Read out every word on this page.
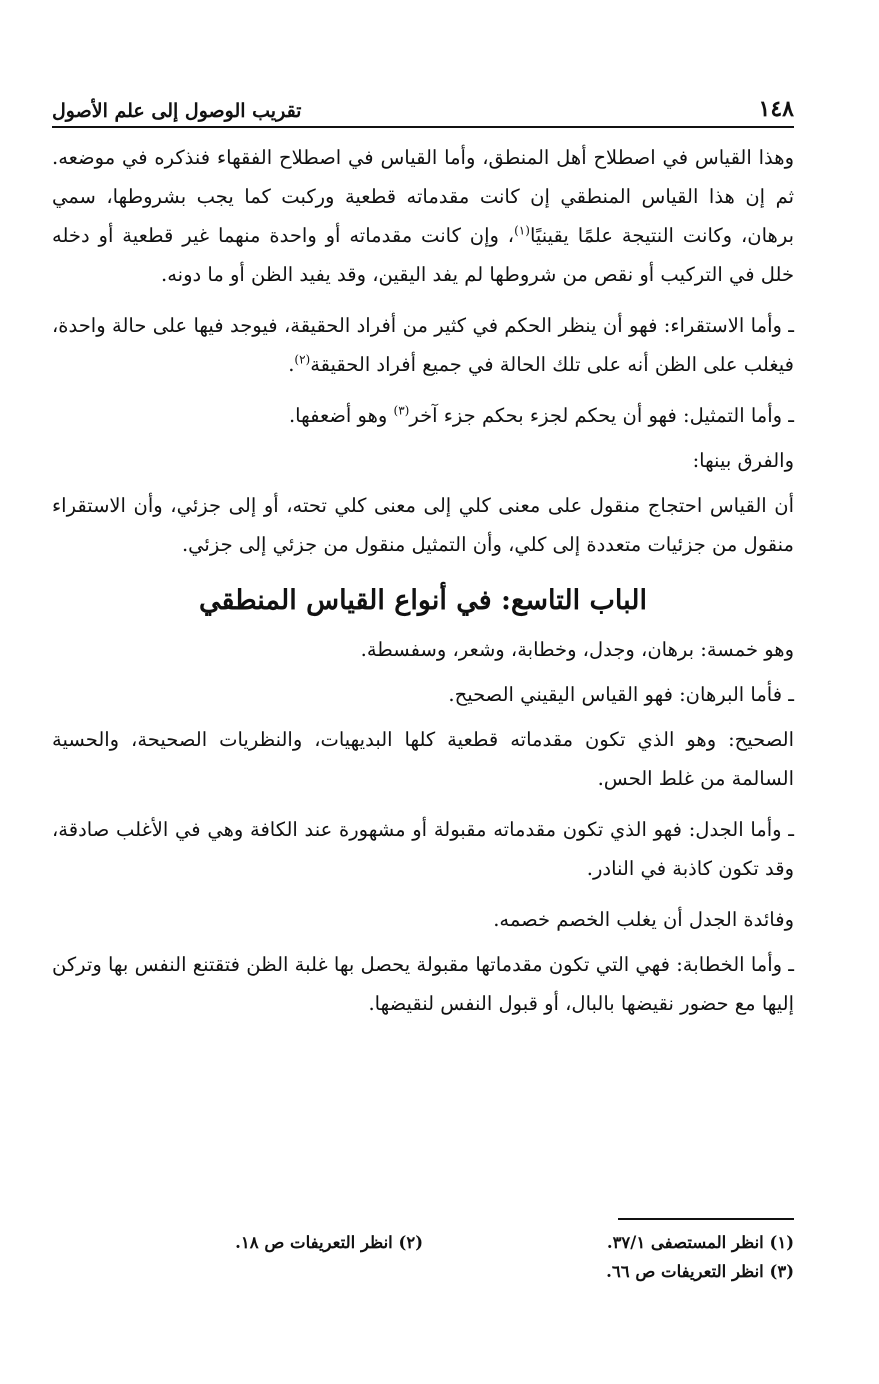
١٤٨
تقريب الوصول إلى علم الأصول

وهذا القياس في اصطلاح أهل المنطق، وأما القياس في اصطلاح الفقهاء فنذكره في موضعه. ثم إن هذا القياس المنطقي إن كانت مقدماته قطعية وركبت كما يجب بشروطها، سمي برهان، وكانت النتيجة علمًا يقينيًا$^{(١)}$، وإن كانت مقدماته أو واحدة منهما غير قطعية أو دخله خلل في التركيب أو نقص من شروطها لم يفد اليقين، وقد يفيد الظن أو ما دونه.

ـ وأما الاستقراء: فهو أن ينظر الحكم في كثير من أفراد الحقيقة، فيوجد فيها على حالة واحدة، فيغلب على الظن أنه على تلك الحالة في جميع أفراد الحقيقة$^{(٢)}$.

ـ وأما التمثيل: فهو أن يحكم لجزء بحكم جزء آخر$^{(٣)}$ وهو أضعفها.

والفرق بينها:

أن القياس احتجاج منقول على معنى كلي إلى معنى كلي تحته، أو إلى جزئي، وأن الاستقراء منقول من جزئيات متعددة إلى كلي، وأن التمثيل منقول من جزئي إلى جزئي.

الباب التاسع: في أنواع القياس المنطقي

وهو خمسة: برهان، وجدل، وخطابة، وشعر، وسفسطة.

ـ فأما البرهان: فهو القياس اليقيني الصحيح.

الصحيح: وهو الذي تكون مقدماته قطعية كلها البديهيات، والنظريات الصحيحة، والحسية السالمة من غلط الحس.

ـ وأما الجدل: فهو الذي تكون مقدماته مقبولة أو مشهورة عند الكافة وهي في الأغلب صادقة، وقد تكون كاذبة في النادر.

وفائدة الجدل أن يغلب الخصم خصمه.

ـ وأما الخطابة: فهي التي تكون مقدماتها مقبولة يحصل بها غلبة الظن فتقتنع النفس بها وتركن إليها مع حضور نقيضها بالبال، أو قبول النفس لنقيضها.

(١) انظر المستصفى ٣٧/١.
(٢) انظر التعريفات ص ١٨.
(٣) انظر التعريفات ص ٦٦.
